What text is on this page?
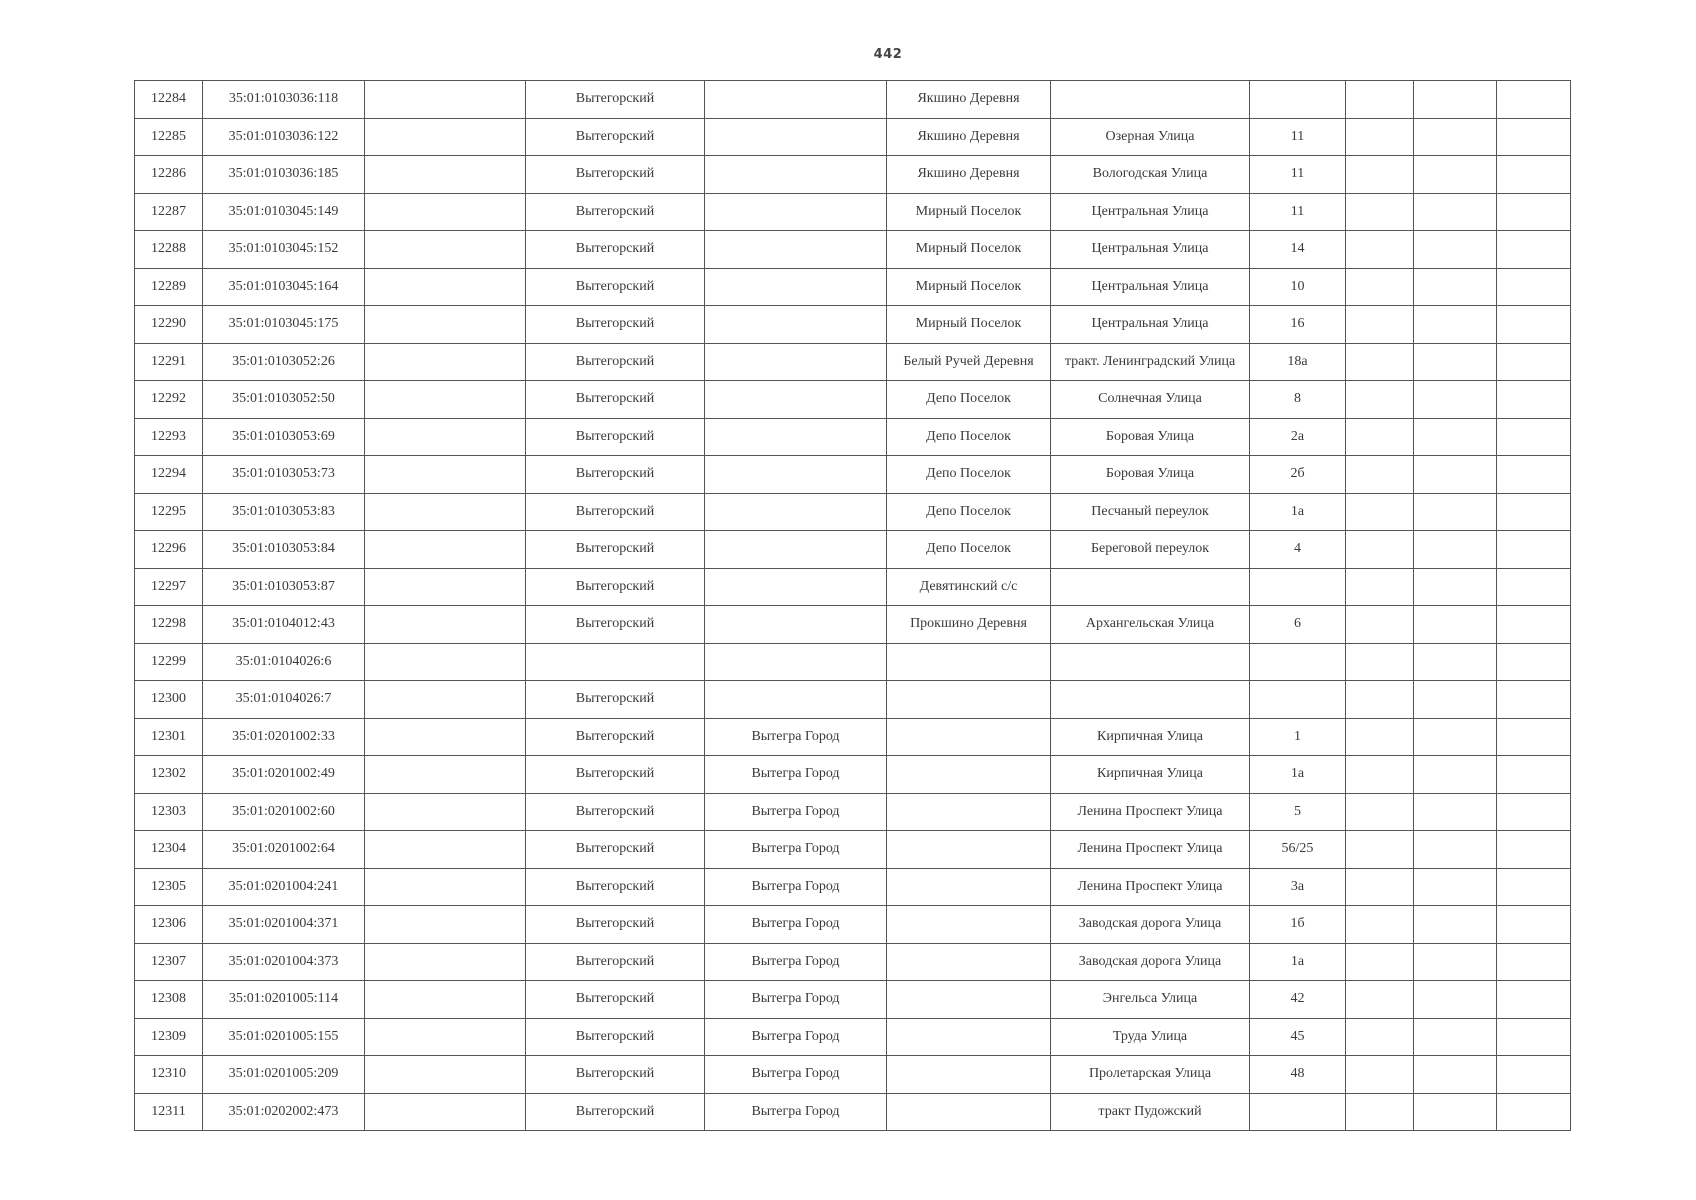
442
12284	35:01:0103036:118		Вытегорский		Якшино Деревня					
12285	35:01:0103036:122		Вытегорский		Якшино Деревня	Озерная Улица	11			
12286	35:01:0103036:185		Вытегорский		Якшино Деревня	Вологодская Улица	11			
12287	35:01:0103045:149		Вытегорский		Мирный Поселок	Центральная Улица	11			
12288	35:01:0103045:152		Вытегорский		Мирный Поселок	Центральная Улица	14			
12289	35:01:0103045:164		Вытегорский		Мирный Поселок	Центральная Улица	10			
12290	35:01:0103045:175		Вытегорский		Мирный Поселок	Центральная Улица	16			
12291	35:01:0103052:26		Вытегорский		Белый Ручей Деревня	тракт. Ленинградский Улица	18а			
12292	35:01:0103052:50		Вытегорский		Депо Поселок	Солнечная Улица	8			
12293	35:01:0103053:69		Вытегорский		Депо Поселок	Боровая Улица	2а			
12294	35:01:0103053:73		Вытегорский		Депо Поселок	Боровая Улица	2б			
12295	35:01:0103053:83		Вытегорский		Депо Поселок	Песчаный переулок	1а			
12296	35:01:0103053:84		Вытегорский		Депо Поселок	Береговой переулок	4			
12297	35:01:0103053:87		Вытегорский		Девятинский с/с					
12298	35:01:0104012:43		Вытегорский		Прокшино Деревня	Архангельская Улица	6			
12299	35:01:0104026:6									
12300	35:01:0104026:7		Вытегорский							
12301	35:01:0201002:33		Вытегорский	Вытегра Город		Кирпичная Улица	1			
12302	35:01:0201002:49		Вытегорский	Вытегра Город		Кирпичная Улица	1а			
12303	35:01:0201002:60		Вытегорский	Вытегра Город		Ленина Проспект Улица	5			
12304	35:01:0201002:64		Вытегорский	Вытегра Город		Ленина Проспект Улица	56/25			
12305	35:01:0201004:241		Вытегорский	Вытегра Город		Ленина Проспект Улица	3а			
12306	35:01:0201004:371		Вытегорский	Вытегра Город		Заводская дорога Улица	1б			
12307	35:01:0201004:373		Вытегорский	Вытегра Город		Заводская дорога Улица	1а			
12308	35:01:0201005:114		Вытегорский	Вытегра Город		Энгельса Улица	42			
12309	35:01:0201005:155		Вытегорский	Вытегра Город		Труда Улица	45			
12310	35:01:0201005:209		Вытегорский	Вытегра Город		Пролетарская Улица	48			
12311	35:01:0202002:473		Вытегорский	Вытегра Город		тракт Пудожский				
